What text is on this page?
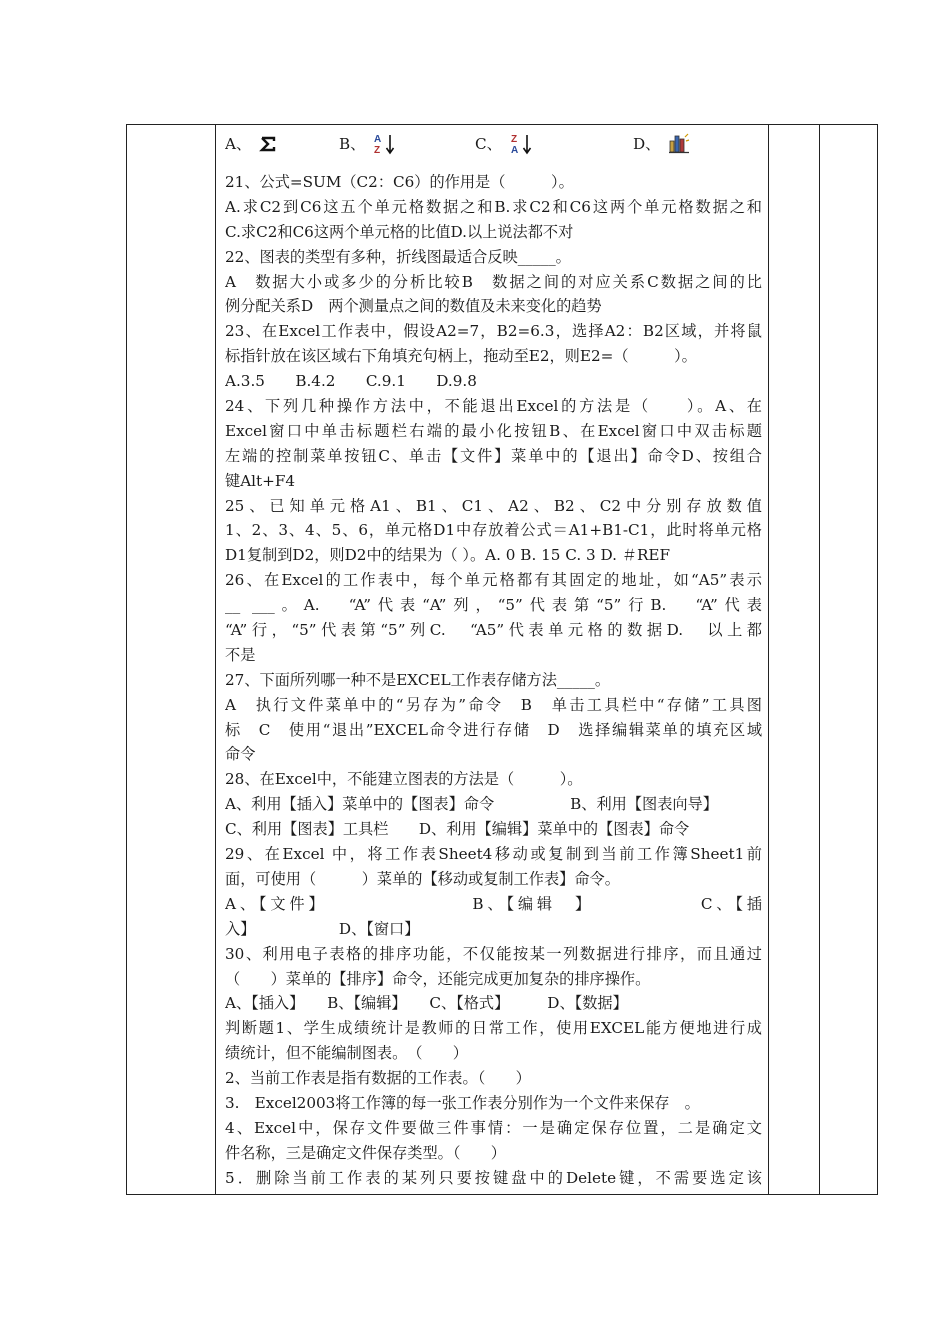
A、	B、 A
Z	C、 Z
A	D、
21、公式=SUM（C2：C6）的作用是（　　　）。
A.求C2到C6这五个单元格数据之和B.求C2和C6这两个单元格数据之和
C.求C2和C6这两个单元格的比值D.以上说法都不对
22、图表的类型有多种，折线图最适合反映_____。
A　数据大小或多少的分析比较B　数据之间的对应关系C数据之间的比
例分配关系D　两个测量点之间的数值及未来变化的趋势
23、在Excel工作表中，假设A2=7，B2=6.3，选择A2：B2区域，并将鼠
标指针放在该区域右下角填充句柄上，拖动至E2，则E2=（　　　）。
A.3.5　　B.4.2　　C.9.1　　D.9.8
24、下列几种操作方法中，不能退出Excel的方法是（　　）。A、在
Excel窗口中单击标题栏右端的最小化按钮B、在Excel窗口中双击标题
左端的控制菜单按钮C、单击【文件】菜单中的【退出】命令D、按组合
键Alt+F4
25、已知单元格A1、B1、C1、A2、B2、C2中分别存放数值
1、2、3、4、5、6，单元格D1中存放着公式＝A1+B1-C1，此时将单元格
D1复制到D2，则D2中的结果为（ ）。A. 0 B. 15 C. 3 D. ＃REF
26、在Excel的工作表中，每个单元格都有其固定的地址，如“A5”表示
__ ___。A.　“A”代表“A”列，“5”代表第“5”行B.　“A”代表
“A”行，“5”代表第“5”列C.　“A5”代表单元格的数据D.　以上都
不是
27、下面所列哪一种不是EXCEL工作表存储方法_____。
A　执行文件菜单中的“另存为”命令　B　单击工具栏中“存储”工具图
标　C　使用“退出”EXCEL命令进行存储　D　选择编辑菜单的填充区域
命令
28、在Excel中，不能建立图表的方法是（　　　）。
A、利用【插入】菜单中的【图表】命令　　　　　B、利用【图表向导】
C、利用【图表】工具栏　　D、利用【编辑】菜单中的【图表】命令
29、在Excel 中，将工作表Sheet4移动或复制到当前工作簿Sheet1前
面，可使用（　　　）菜单的【移动或复制工作表】命令。
A、【文件】　　　　　　　　B、【编辑　】　　　　　　C、【插
入】　　　　　　D、【窗口】
30、利用电子表格的排序功能，不仅能按某一列数据进行排序，而且通过
（　　）菜单的【排序】命令，还能完成更加复杂的排序操作。
A、【插入】　　B、【编辑】　　C、【格式】　　　D、【数据】
判断题1、学生成绩统计是教师的日常工作，使用EXCEL能方便地进行成
绩统计，但不能编制图表。　（　　）
2、当前工作表是指有数据的工作表。（　　）
3.　Excel2003将工作簿的每一张工作表分别作为一个文件来保存　。
4、Excel中，保存文件要做三件事情：一是确定保存位置，二是确定文
件名称，三是确定文件保存类型。（　　）
5．删除当前工作表的某列只要按键盘中的Delete键，不需要选定该
